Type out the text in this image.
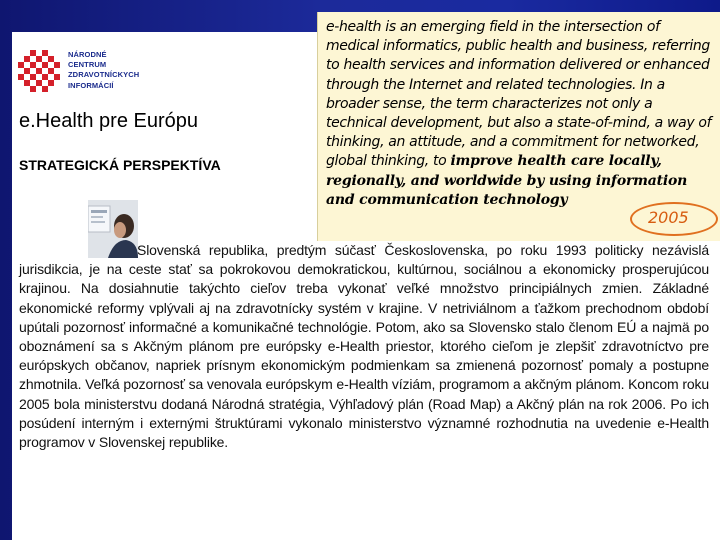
NÁRODNÉ
CENTRUM
ZDRAVOTNÍCKYCH
INFORMÁCIÍ
e.Health pre Európu
STRATEGICKÁ PERSPEKTÍVA
e-health is an emerging field in the intersection of medical informatics, public health and business, referring to health services and information delivered or enhanced through the Internet and related technologies. In a broader sense, the term characterizes not only a technical development, but also a state-of-mind, a way of thinking, an attitude, and a commitment for networked, global thinking, to improve health care locally, regionally, and worldwide by using information and communication technology
2005
Slovenská republika, predtým súčasť Československa, po roku 1993 politicky nezávislá jurisdikcia, je na ceste stať sa pokrokovou demokratickou, kultúrnou, sociálnou a ekonomicky prosperujúcou krajinou. Na dosiahnutie takýchto cieľov treba vykonať veľké množstvo principiálnych zmien. Základné ekonomické reformy vplývali aj na zdravotnícky systém v krajine. V netriviálnom a ťažkom prechodnom období upútali pozornosť informačné a komunikačné technológie. Potom, ako sa Slovensko stalo členom EÚ a najmä po oboznámení sa s Akčným plánom pre európsky e-Health priestor, ktorého cieľom je zlepšiť zdravotníctvo pre európskych občanov, napriek prísnym ekonomickým podmienkam sa zmienená pozornosť pomaly a postupne zhmotnila. Veľká pozornosť sa venovala európskym e-Health víziám, programom a akčným plánom. Koncom roku 2005 bola ministerstvu dodaná Národná stratégia, Výhľadový plán (Road Map) a Akčný plán na rok 2006. Po ich posúdení interným i externými štruktúrami vykonalo ministerstvo významné rozhodnutia na uvedenie e-Health programov v Slovenskej republike.
